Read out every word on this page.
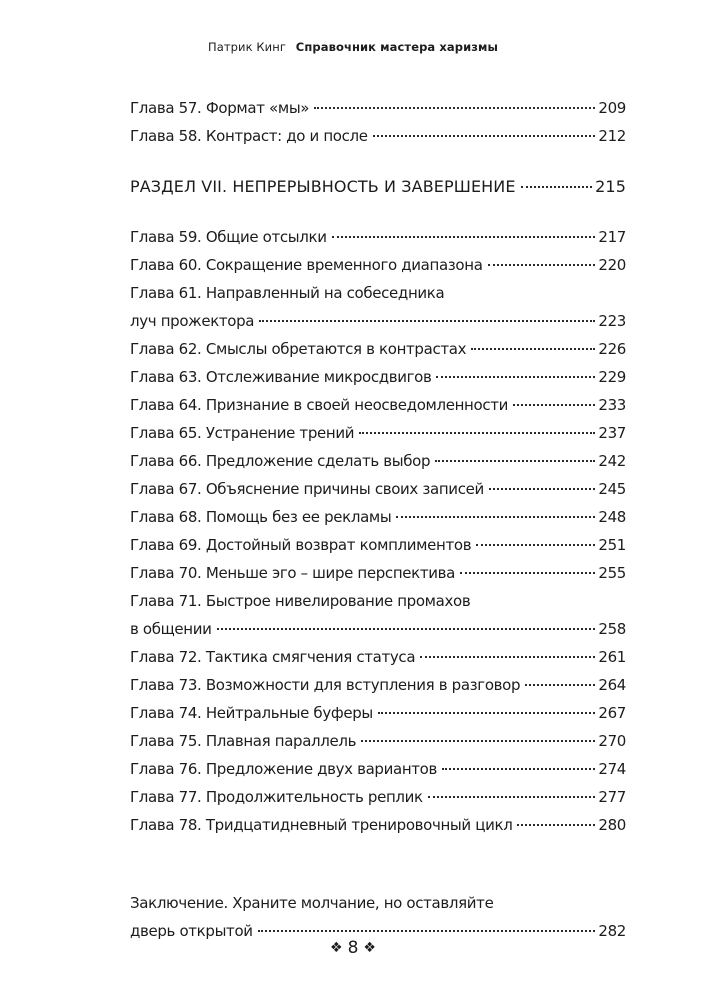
Патрик Кинг Справочник мастера харизмы
Глава 57. Формат «мы»	209
Глава 58. Контраст: до и после	212
РАЗДЕЛ VII. НЕПРЕРЫВНОСТЬ И ЗАВЕРШЕНИЕ	215
Глава 59. Общие отсылки	217
Глава 60. Сокращение временного диапазона	220
Глава 61. Направленный на собеседника
луч прожектора	223
Глава 62. Смыслы обретаются в контрастах	226
Глава 63. Отслеживание микросдвигов	229
Глава 64. Признание в своей неосведомленности	233
Глава 65. Устранение трений	237
Глава 66. Предложение сделать выбор	242
Глава 67. Объяснение причины своих записей	245
Глава 68. Помощь без ее рекламы	248
Глава 69. Достойный возврат комплиментов	251
Глава 70. Меньше эго – шире перспектива	255
Глава 71. Быстрое нивелирование промахов
в общении	258
Глава 72. Тактика смягчения статуса	261
Глава 73. Возможности для вступления в разговор	264
Глава 74. Нейтральные буферы	267
Глава 75. Плавная параллель	270
Глава 76. Предложение двух вариантов	274
Глава 77. Продолжительность реплик	277
Глава 78. Тридцатидневный тренировочный цикл	280
Заключение. Храните молчание, но оставляйте
дверь открытой	282
❖ 8 ❖
